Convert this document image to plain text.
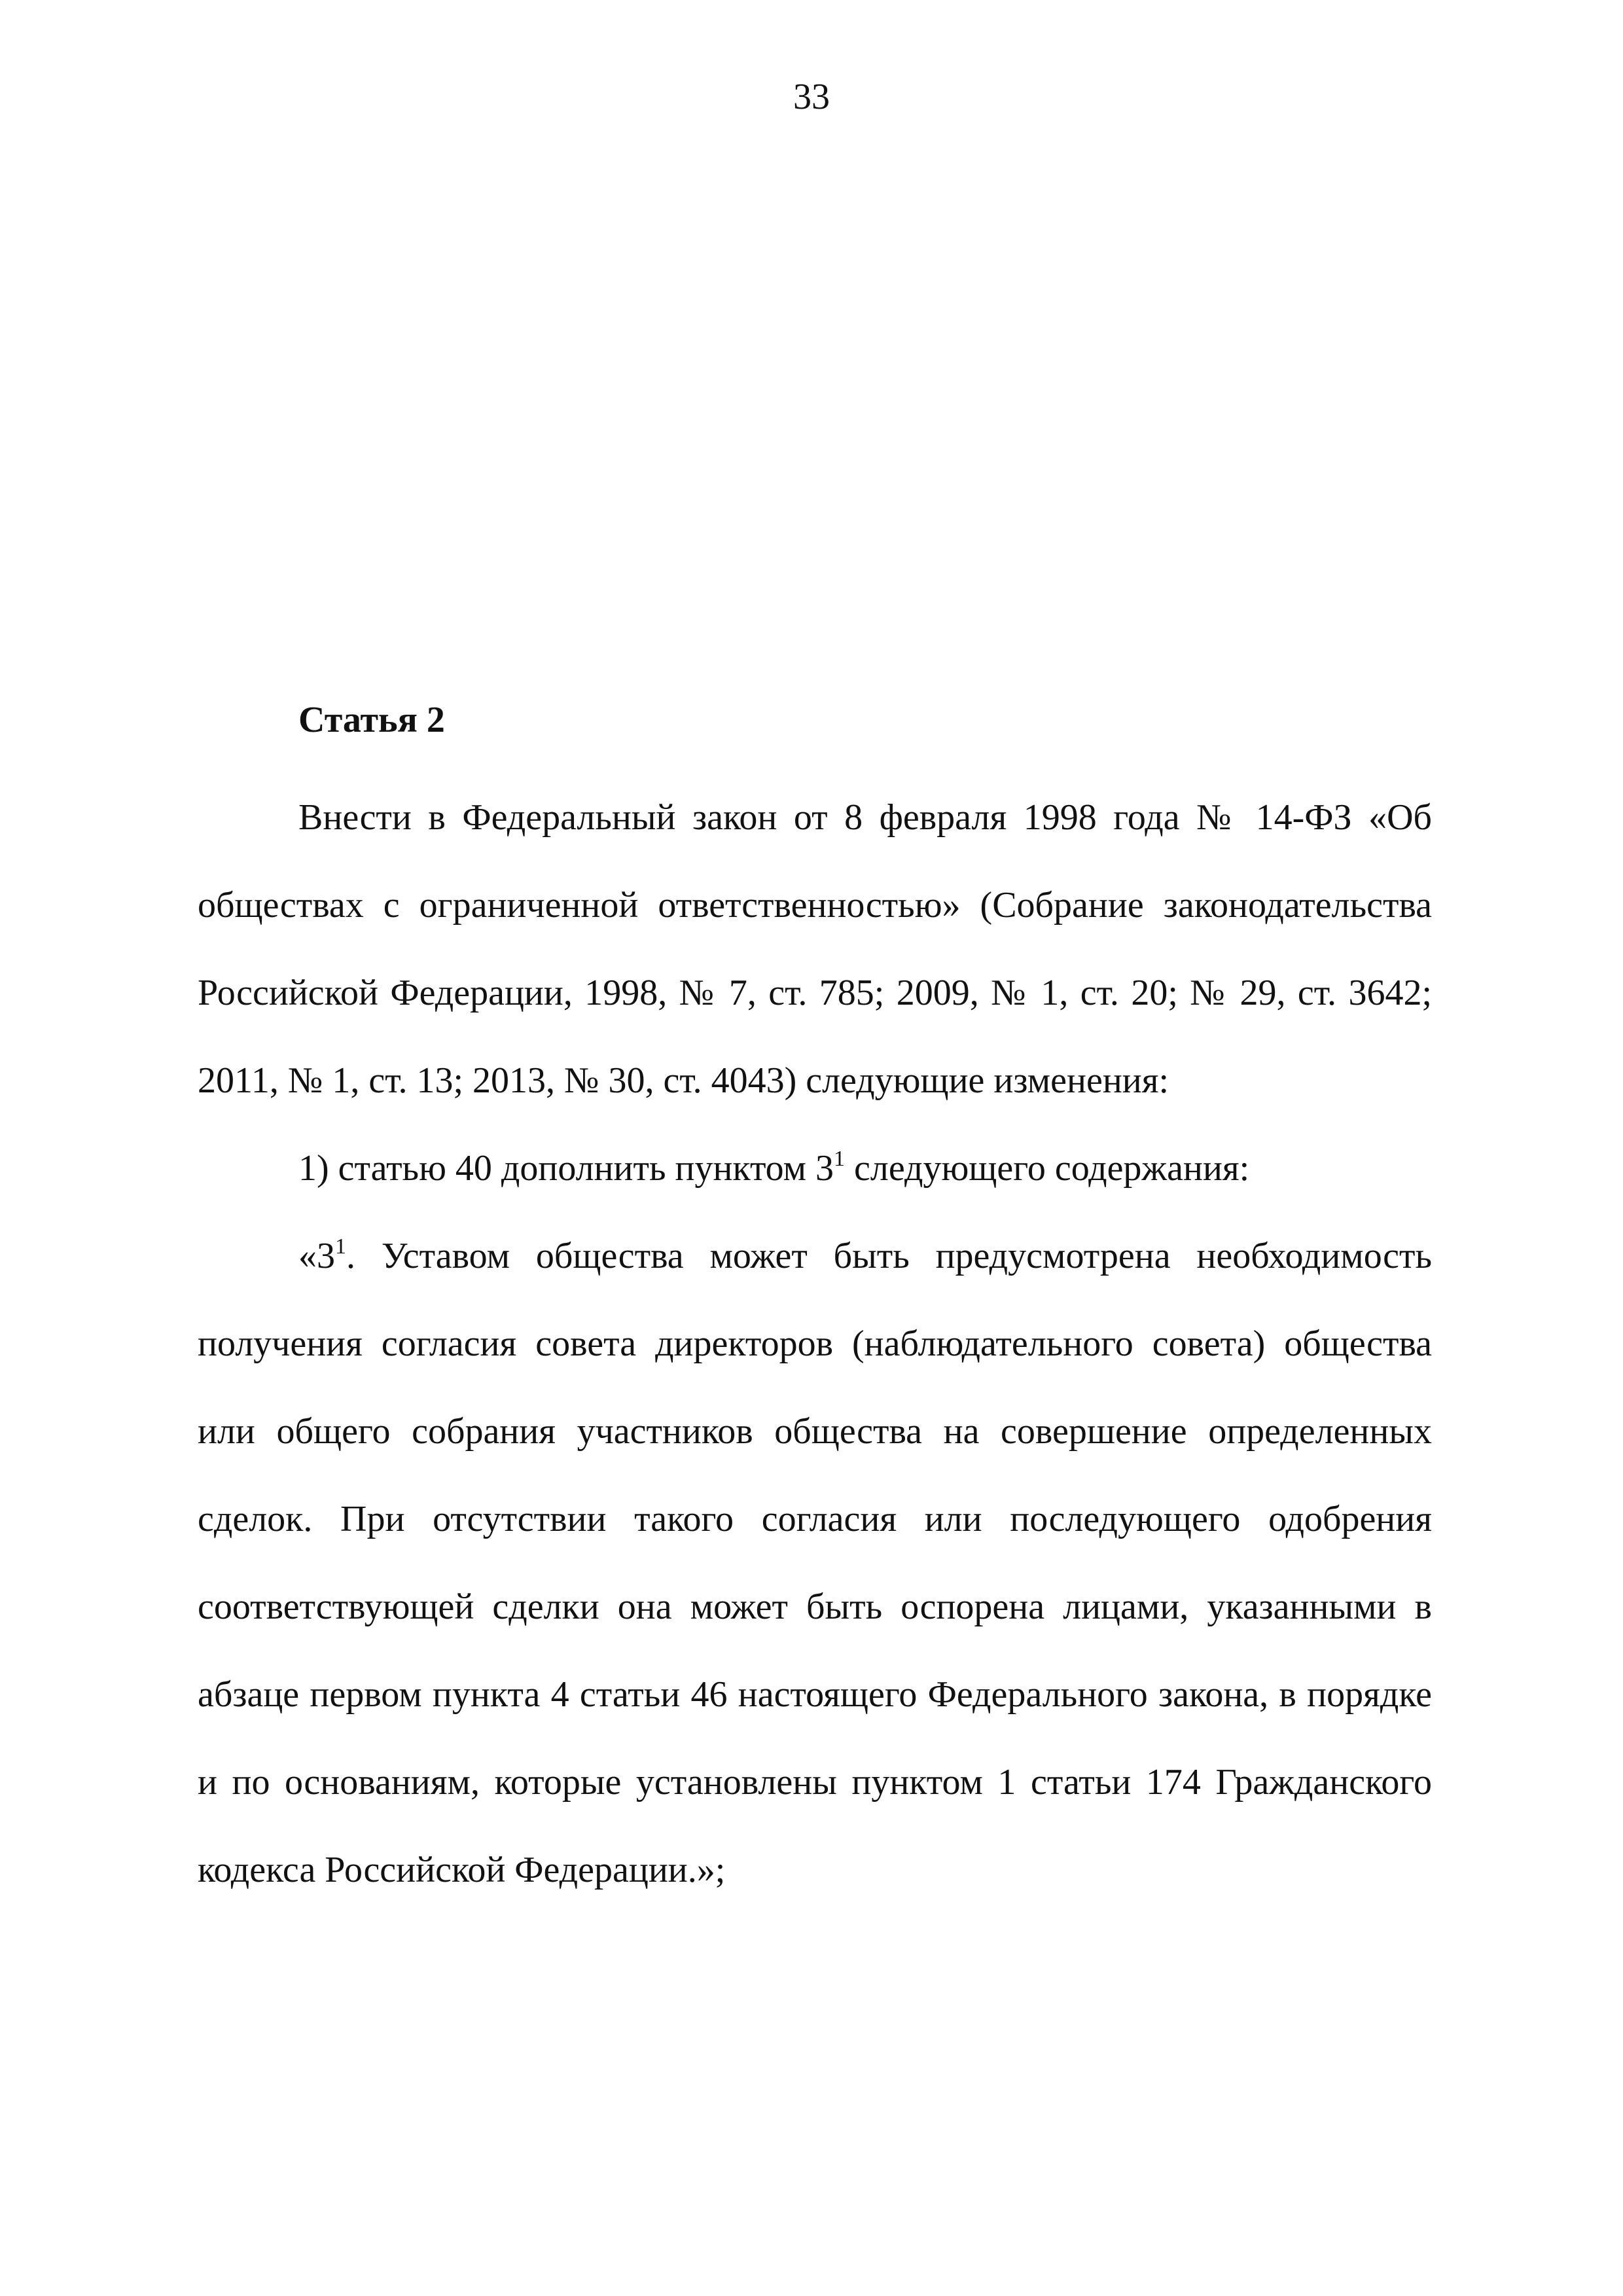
33
Статья 2

Внести в Федеральный закон от 8 февраля 1998 года № 14-ФЗ «Об обществах с ограниченной ответственностью» (Собрание законодательства Российской Федерации, 1998, № 7, ст. 785; 2009, № 1, ст. 20; № 29, ст. 3642; 2011, № 1, ст. 13; 2013, № 30, ст. 4043) следующие изменения:

1) статью 40 дополнить пунктом $3^1$ следующего содержания:

«$3^1$. Уставом общества может быть предусмотрена необходимость получения согласия совета директоров (наблюдательного совета) общества или общего собрания участников общества на совершение определенных сделок. При отсутствии такого согласия или последующего одобрения соответствующей сделки она может быть оспорена лицами, указанными в абзаце первом пункта 4 статьи 46 настоящего Федерального закона, в порядке и по основаниям, которые установлены пунктом 1 статьи 174 Гражданского кодекса Российской Федерации.»;
